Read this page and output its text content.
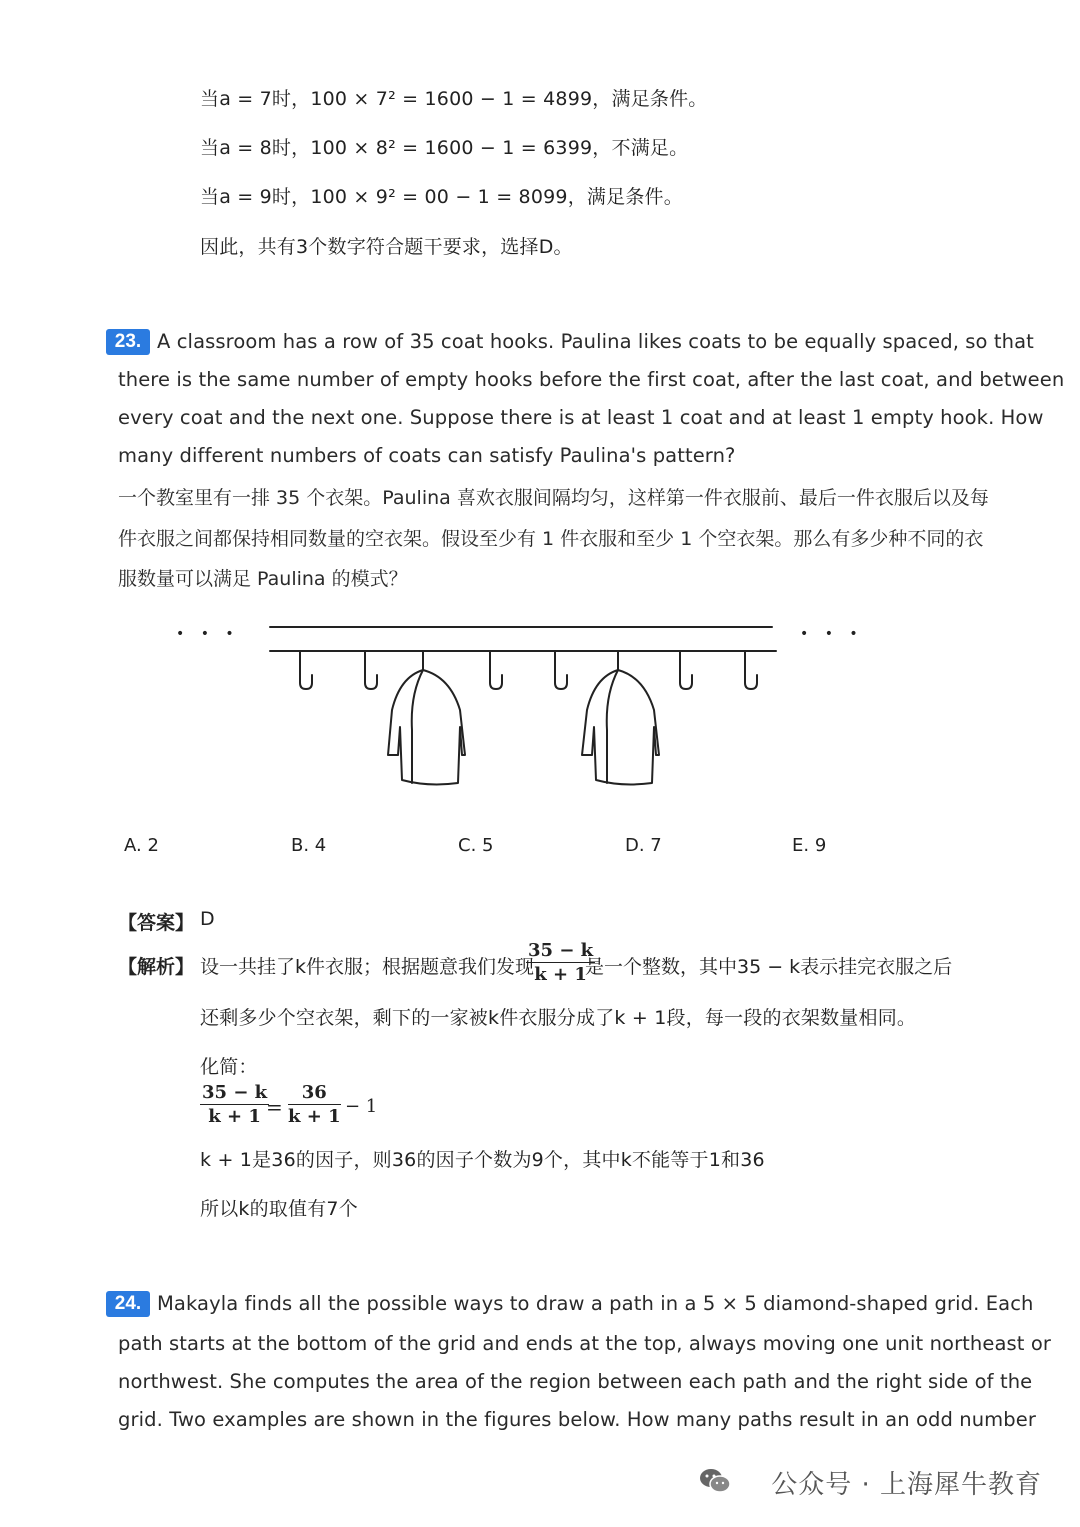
当a = 7时，100 × 7² = 1600 − 1 = 4899，满足条件。
当a = 8时，100 × 8² = 1600 − 1 = 6399，不满足。
当a = 9时，100 × 9² = 00 − 1 = 8099，满足条件。
因此，共有3个数字符合题干要求，选择D。
23. A classroom has a row of 35 coat hooks. Paulina likes coats to be equally spaced, so that
there is the same number of empty hooks before the first coat, after the last coat, and between
every coat and the next one. Suppose there is at least 1 coat and at least 1 empty hook. How
many different numbers of coats can satisfy Paulina's pattern?
一个教室里有一排 35 个衣架。Paulina 喜欢衣服间隔均匀，这样第一件衣服前、最后一件衣服后以及每
件衣服之间都保持相同数量的空衣架。假设至少有 1 件衣服和至少 1 个空衣架。那么有多少种不同的衣
服数量可以满足 Paulina 的模式？
• • •	• • •
A. 2	B. 4	C. 5	D. 7	E. 9
【答案】 D
【解析】 设一共挂了k件衣服；根据题意我们发现
$\frac{35 - k}{k + 1}$
是一个整数，其中35 − k表示挂完衣服之后
还剩多少个空衣架，剩下的一家被k件衣服分成了k + 1段，每一段的衣架数量相同。
化简：
$\frac{35 - k}{k + 1}$
= $\frac{36}{k + 1} - 1$
k + 1是36的因子，则36的因子个数为9个，其中k不能等于1和36
所以k的取值有7个
24. Makayla finds all the possible ways to draw a path in a 5 × 5 diamond-shaped grid. Each
path starts at the bottom of the grid and ends at the top, always moving one unit northeast or
northwest. She computes the area of the region between each path and the right side of the
grid. Two examples are shown in the figures below. How many paths result in an odd number
公众号 · 上海犀牛教育
